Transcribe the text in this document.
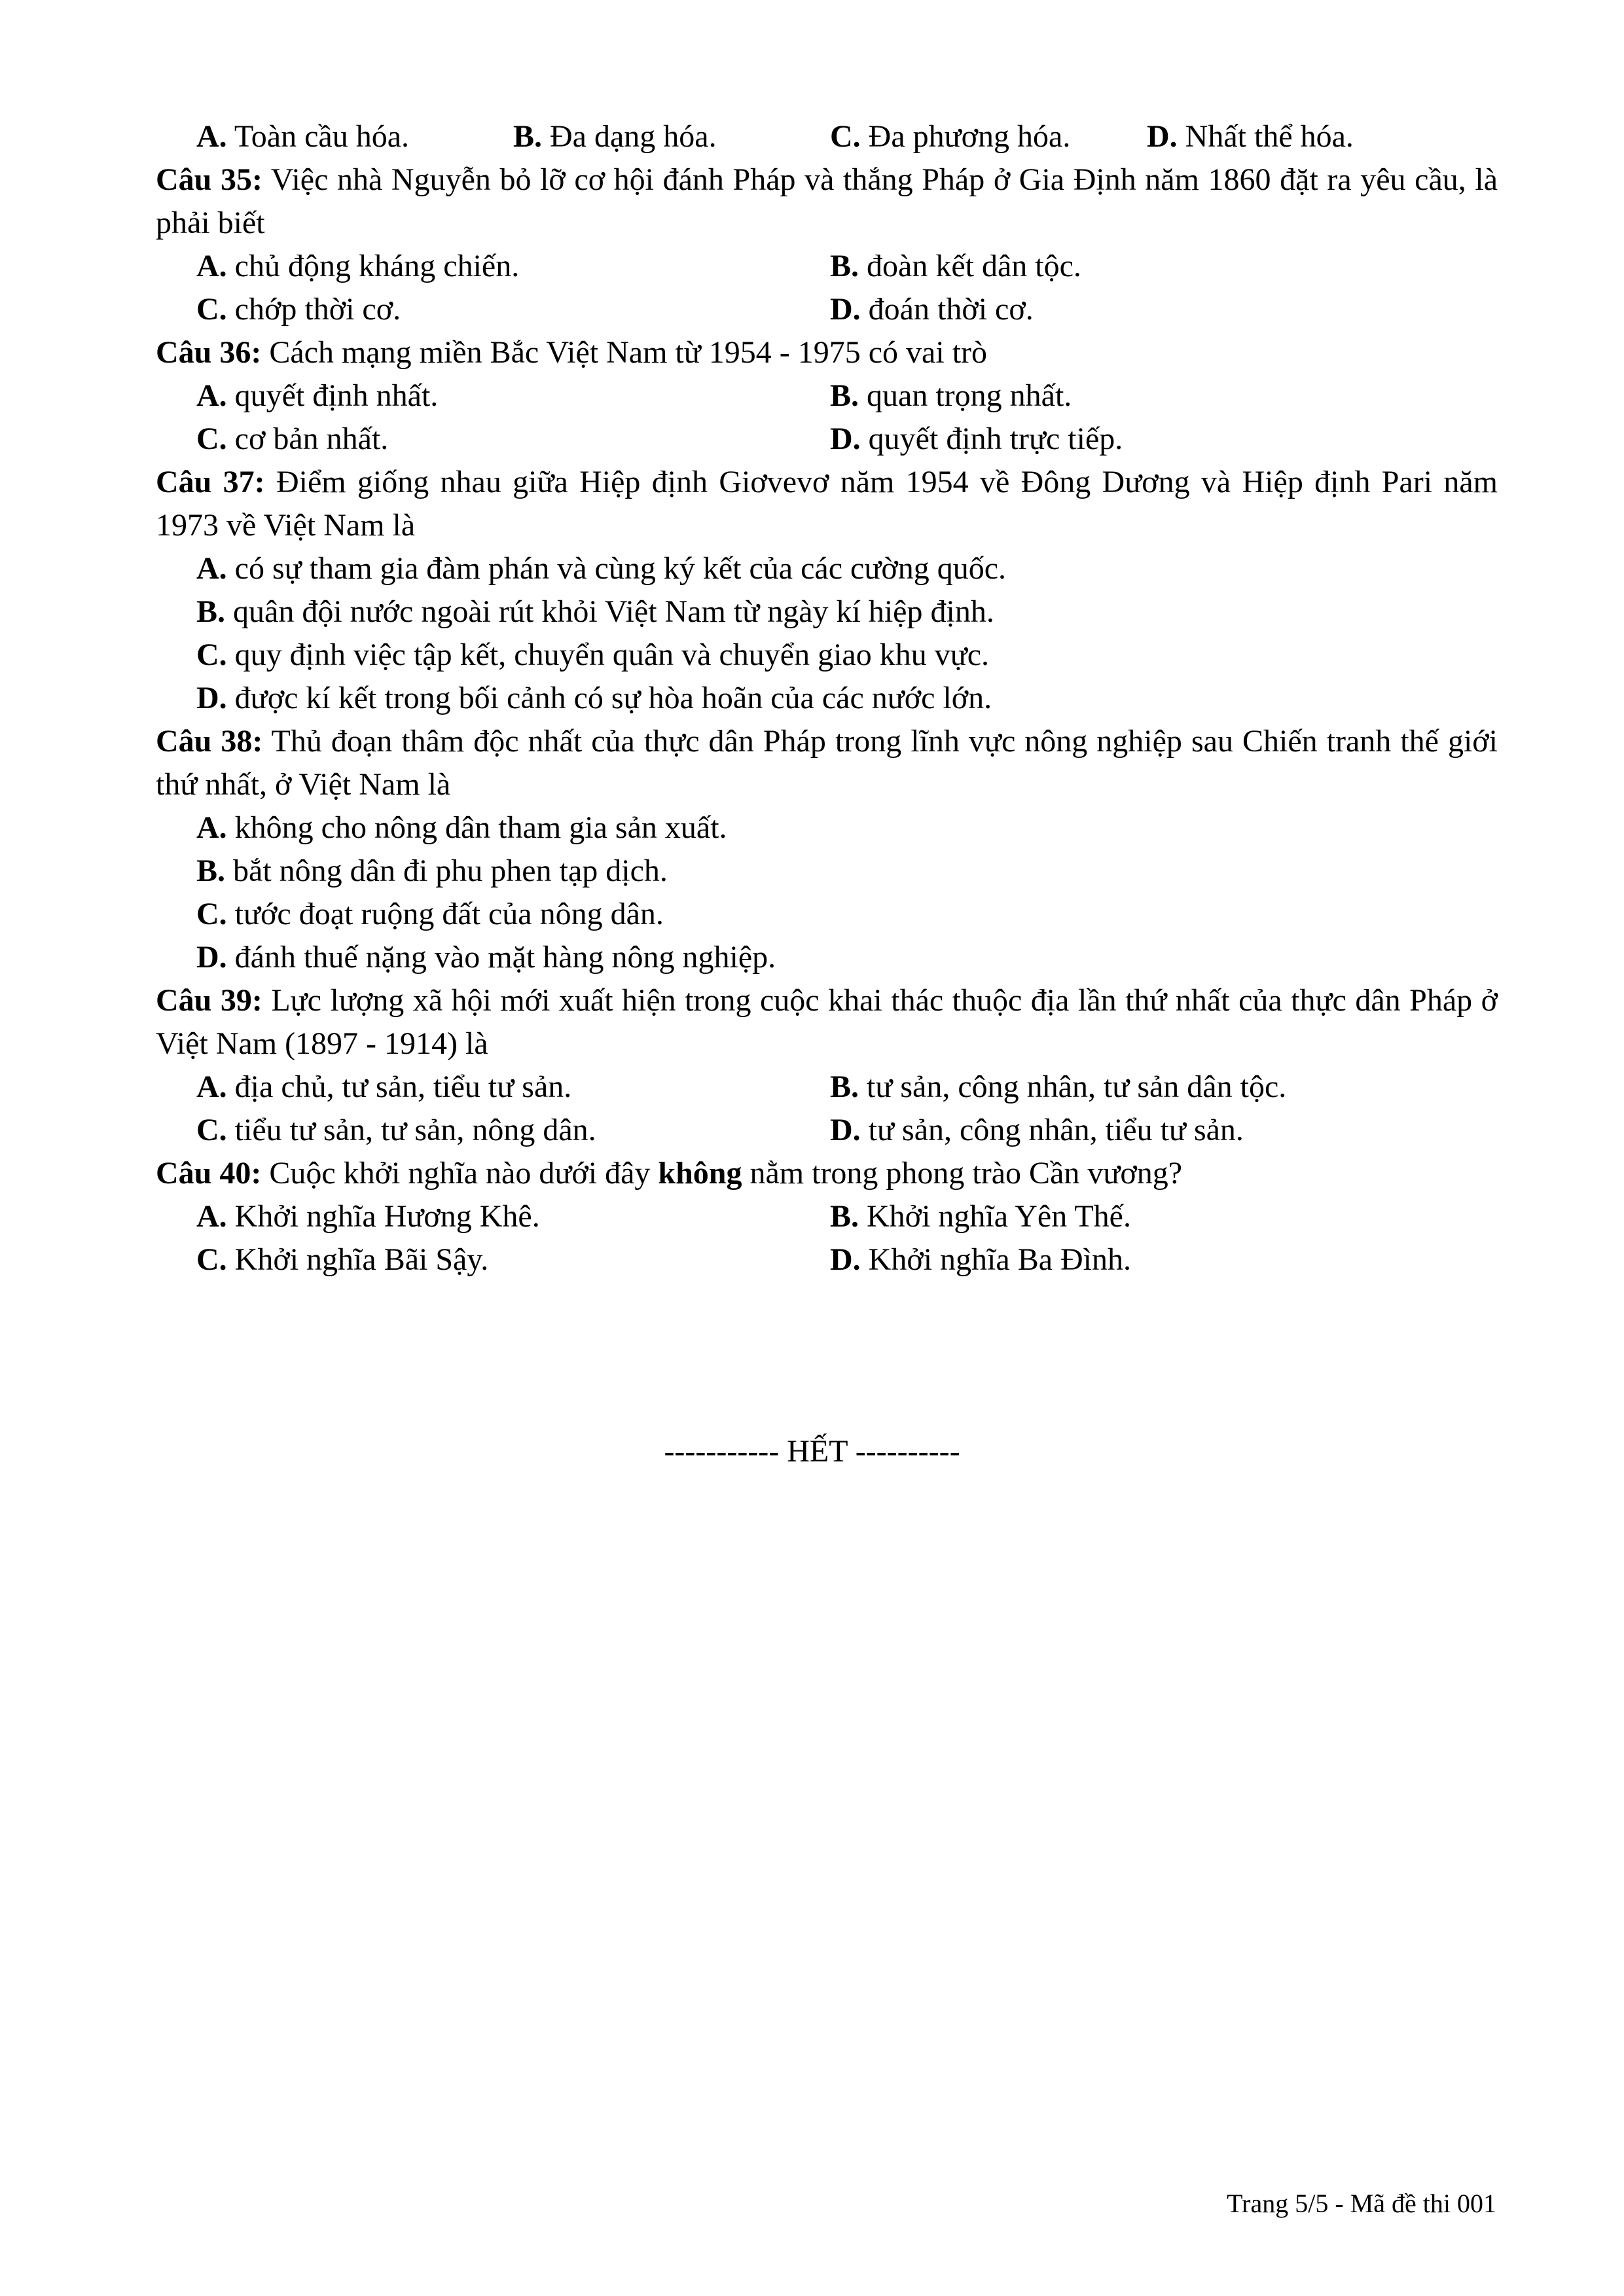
A. Toàn cầu hóa.	B. Đa dạng hóa.	C. Đa phương hóa.	D. Nhất thể hóa.
Câu 35: Việc nhà Nguyễn bỏ lỡ cơ hội đánh Pháp và thắng Pháp ở Gia Định năm 1860 đặt ra yêu cầu, là phải biết
A. chủ động kháng chiến.	B. đoàn kết dân tộc.
C. chớp thời cơ.	D. đoán thời cơ.
Câu 36: Cách mạng miền Bắc Việt Nam từ 1954 - 1975 có vai trò
A. quyết định nhất.	B. quan trọng nhất.
C. cơ bản nhất.	D. quyết định trực tiếp.
Câu 37: Điểm giống nhau giữa Hiệp định Giơvevơ năm 1954 về Đông Dương và Hiệp định Pari năm 1973 về Việt Nam là
A. có sự tham gia đàm phán và cùng ký kết của các cường quốc.
B. quân đội nước ngoài rút khỏi Việt Nam từ ngày kí hiệp định.
C. quy định việc tập kết, chuyển quân và chuyển giao khu vực.
D. được kí kết trong bối cảnh có sự hòa hoãn của các nước lớn.
Câu 38: Thủ đoạn thâm độc nhất của thực dân Pháp trong lĩnh vực nông nghiệp sau Chiến tranh thế giới thứ nhất, ở Việt Nam là
A. không cho nông dân tham gia sản xuất.
B. bắt nông dân đi phu phen tạp dịch.
C. tước đoạt ruộng đất của nông dân.
D. đánh thuế nặng vào mặt hàng nông nghiệp.
Câu 39: Lực lượng xã hội mới xuất hiện trong cuộc khai thác thuộc địa lần thứ nhất của thực dân Pháp ở Việt Nam (1897 - 1914) là
A. địa chủ, tư sản, tiểu tư sản.	B. tư sản, công nhân, tư sản dân tộc.
C. tiểu tư sản, tư sản, nông dân.	D. tư sản, công nhân, tiểu tư sản.
Câu 40: Cuộc khởi nghĩa nào dưới đây không nằm trong phong trào Cần vương?
A. Khởi nghĩa Hương Khê.	B. Khởi nghĩa Yên Thế.
C. Khởi nghĩa Bãi Sậy.	D. Khởi nghĩa Ba Đình.
----------- HẾT ----------
Trang 5/5 - Mã đề thi 001
